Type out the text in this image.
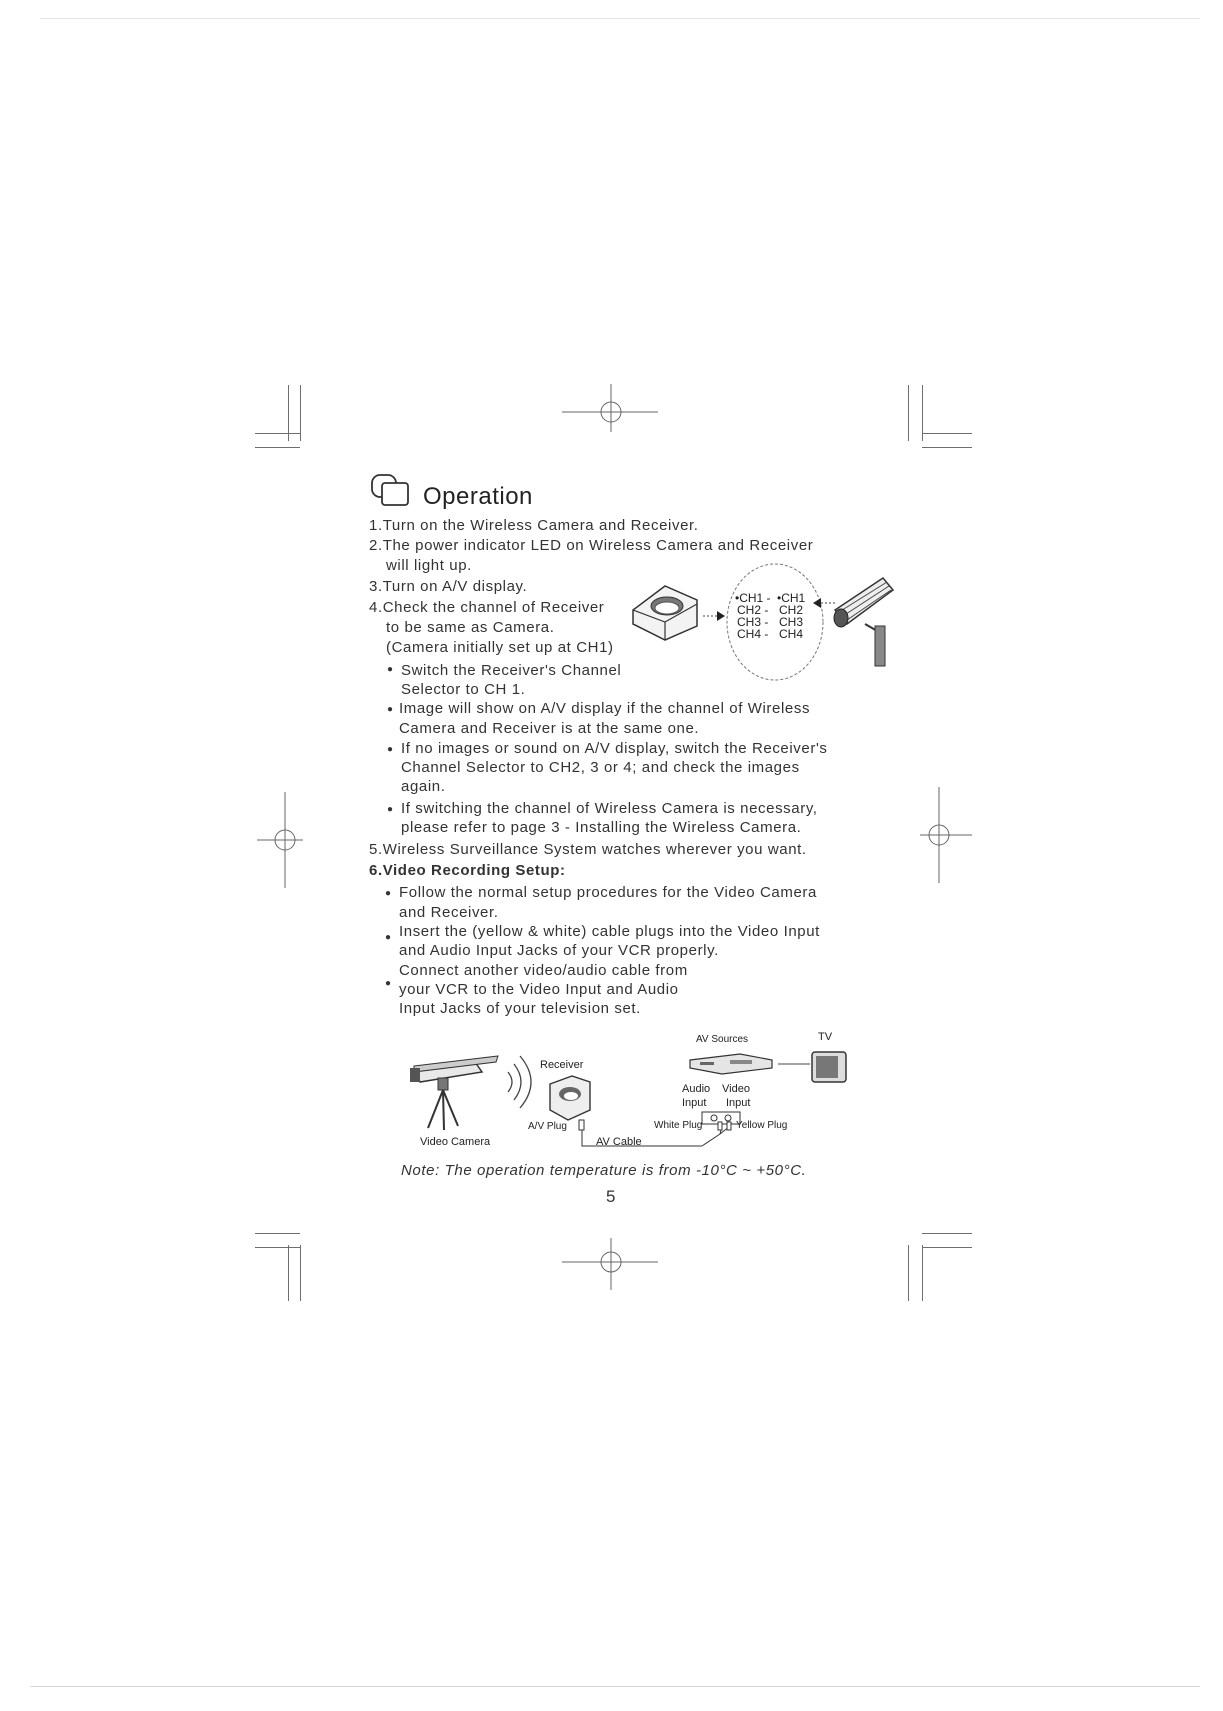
Operation
1.Turn on the Wireless Camera and Receiver.
2.The power indicator LED on Wireless Camera and Receiver
will light up.
3.Turn on A/V display.
4.Check the channel of Receiver
to be same as Camera.
(Camera initially set up at CH1)
● Switch the Receiver's Channel
Selector to CH 1.
● Image will show on A/V display if the channel of Wireless
Camera and Receiver is at the same one.
● If no images or sound on A/V display, switch the Receiver's
Channel Selector to CH2, 3 or 4; and check the images
again.
● If switching the channel of Wireless Camera is necessary,
please refer to page 3 - Installing the Wireless Camera.
5.Wireless Surveillance System watches wherever you want.
6.Video Recording Setup:
● Follow the normal setup procedures for the Video Camera
and Receiver.
● Insert the (yellow & white) cable plugs into the Video Input
and Audio Input Jacks of your VCR properly.
●
Connect another video/audio cable from
your VCR to the Video Input and Audio
Input Jacks of your television set.
•CH1 -
CH2 -
CH3 -
CH4 -
•CH1
CH2
CH3
CH4
Receiver
AV Sources	TV
Audio Video
Input Input
A/V Plug	White Plug	Yellow Plug
AV Cable
Video Camera
Note: The operation temperature is from -10°C ~ +50°C.
5
